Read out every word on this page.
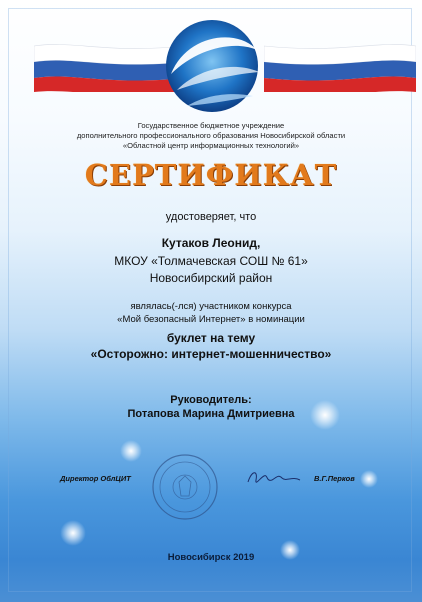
Государственное бюджетное учреждение
дополнительного профессионального образования Новосибирской области
«Областной центр информационных технологий»
СЕРТИФИКАТ
удостоверяет, что
Кутаков Леонид,
МКОУ «Толмачевская СОШ № 61»
Новосибирский район
являлась(-лся) участником конкурса
«Мой безопасный Интернет» в номинации
буклет на тему
«Осторожно: интернет-мошенничество»
Руководитель:
Потапова Марина Дмитриевна
Директор ОблЦИТ	В.Г.Перков
Новосибирск 2019
